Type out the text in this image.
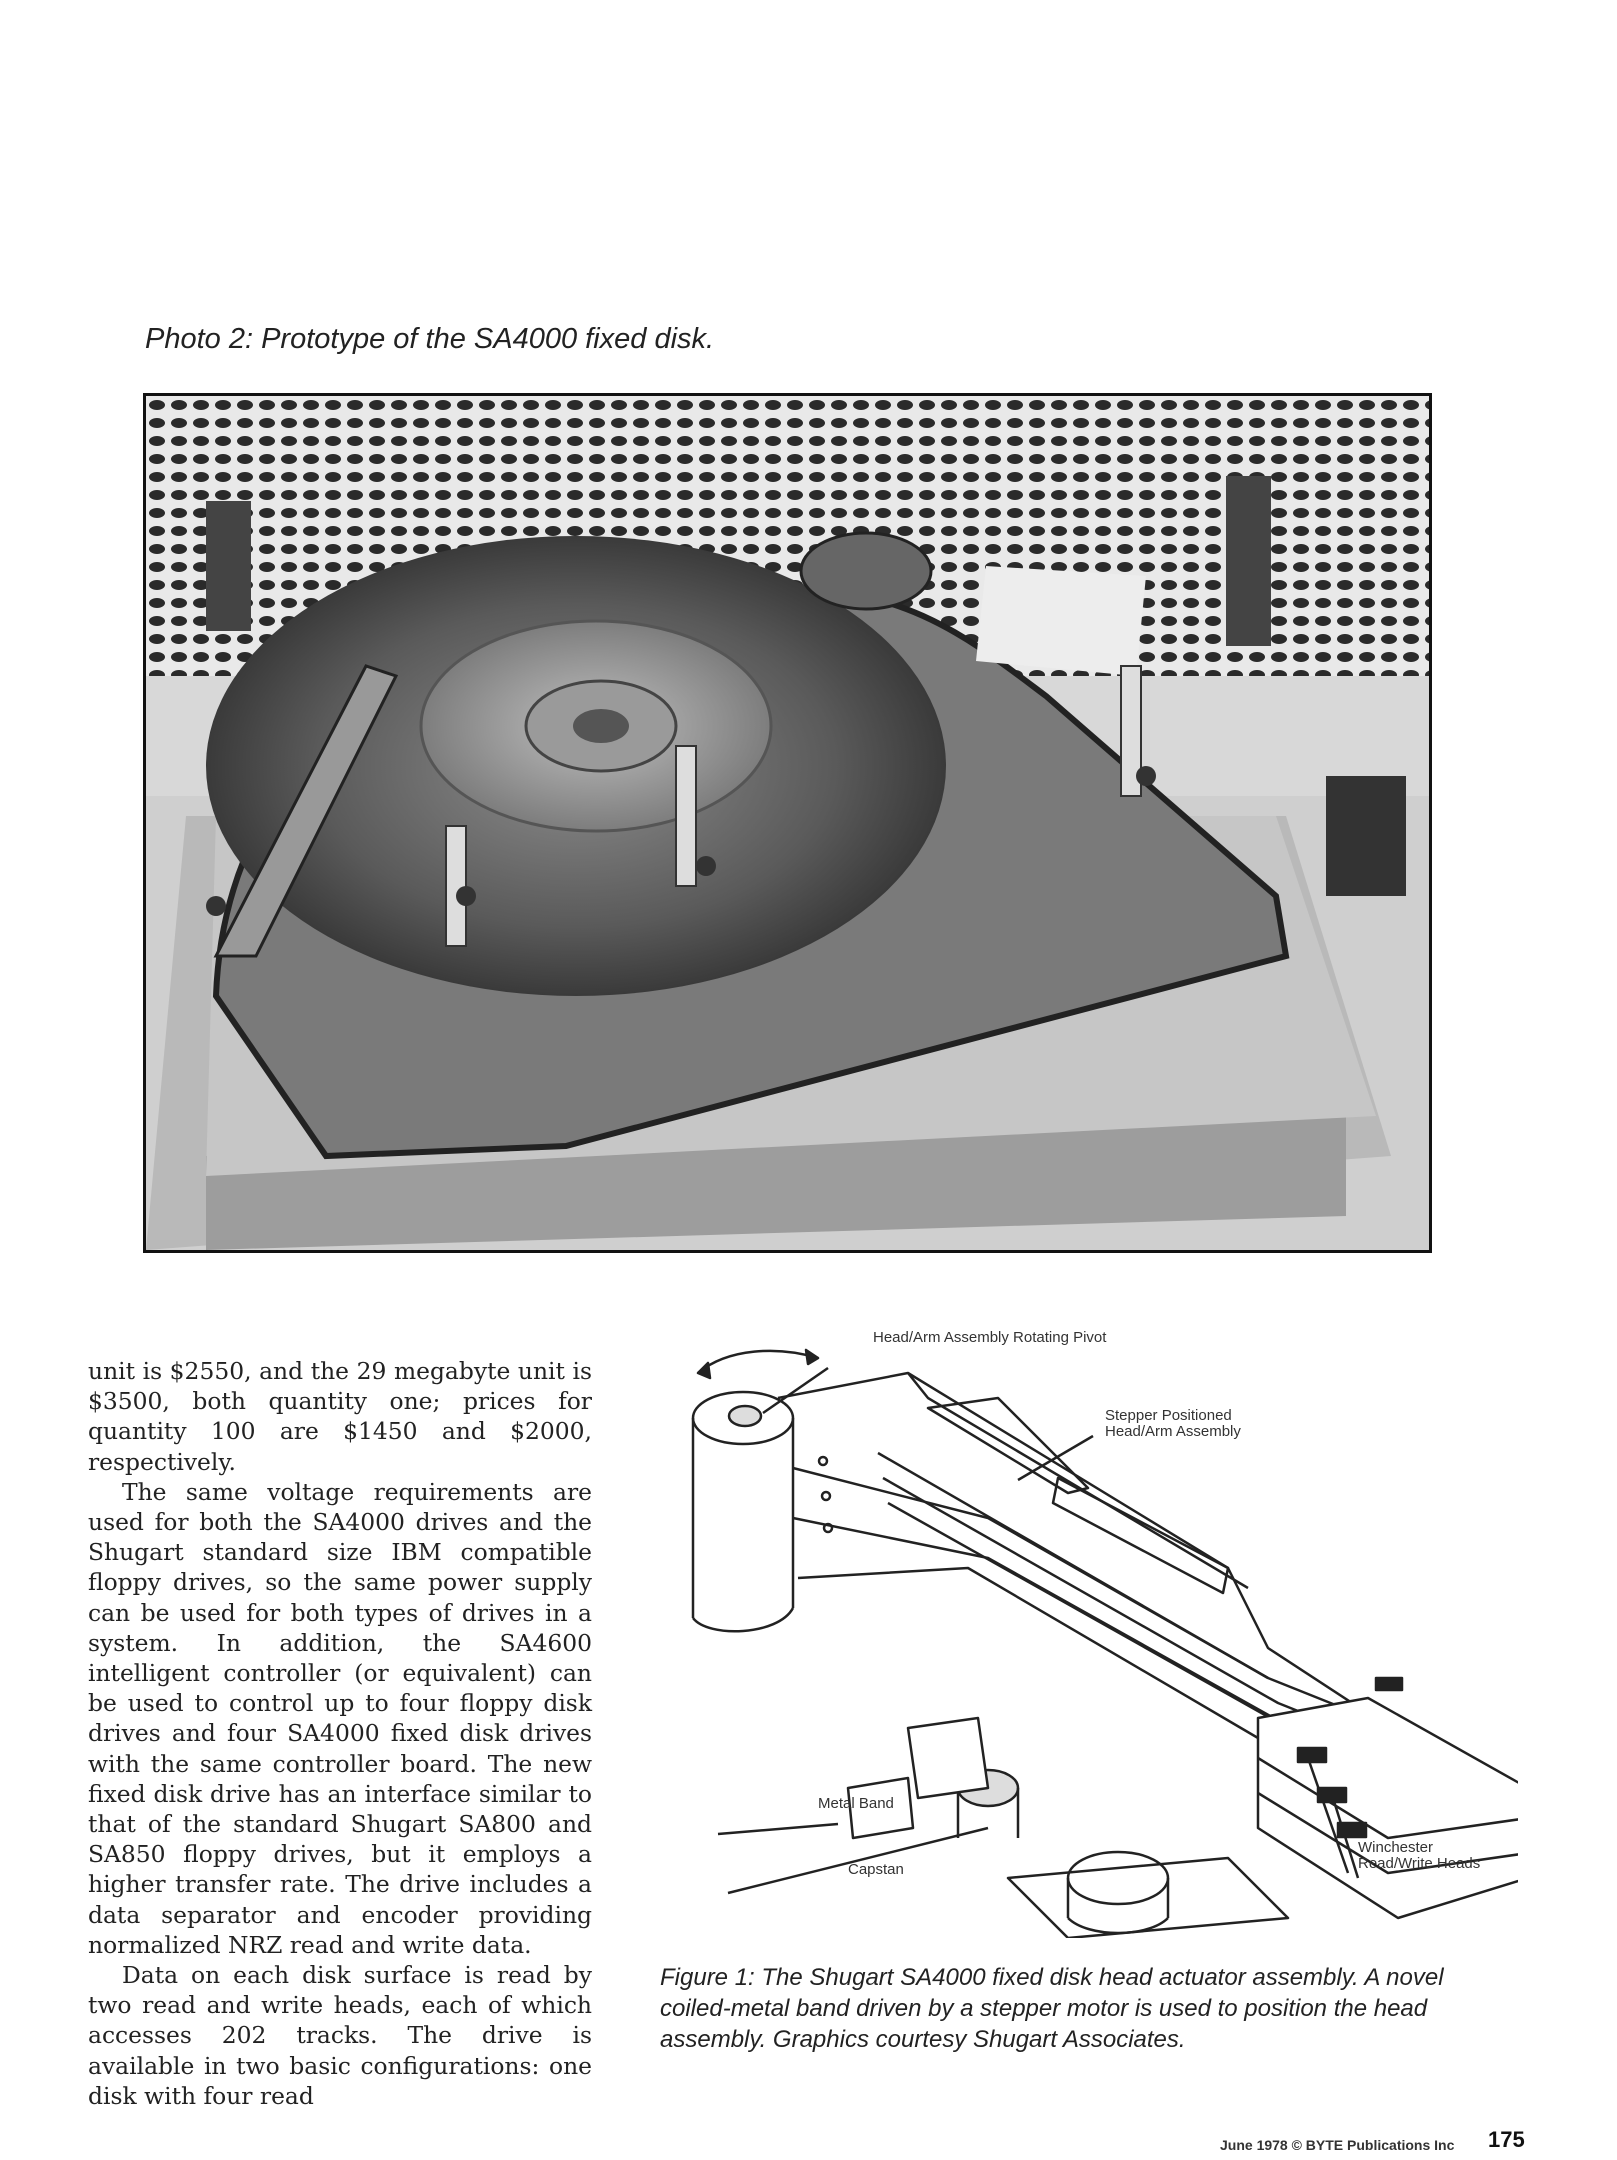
Photo 2: Prototype of the SA4000 fixed disk.

unit is $2550, and the 29 megabyte unit is $3500, both quantity one; prices for quantity 100 are $1450 and $2000, respectively.

The same voltage requirements are used for both the SA4000 drives and the Shugart standard size IBM compatible floppy drives, so the same power supply can be used for both types of drives in a system. In addition, the SA4600 intelligent controller (or equivalent) can be used to control up to four floppy disk drives and four SA4000 fixed disk drives with the same controller board. The new fixed disk drive has an interface similar to that of the standard Shugart SA800 and SA850 floppy drives, but it employs a higher transfer rate. The drive includes a data separator and encoder providing normalized NRZ read and write data.

Data on each disk surface is read by two read and write heads, each of which accesses 202 tracks. The drive is available in two basic configurations: one disk with four read

Head/Arm Assembly Rotating Pivot
Stepper Positioned Head/Arm Assembly
Metal Band
Capstan
Winchester Read/Write Heads
Figure 1: The Shugart SA4000 fixed disk head actuator assembly. A novel coiled-metal band driven by a stepper motor is used to position the head assembly. Graphics courtesy Shugart Associates.
June 1978 © BYTE Publications Inc 175
